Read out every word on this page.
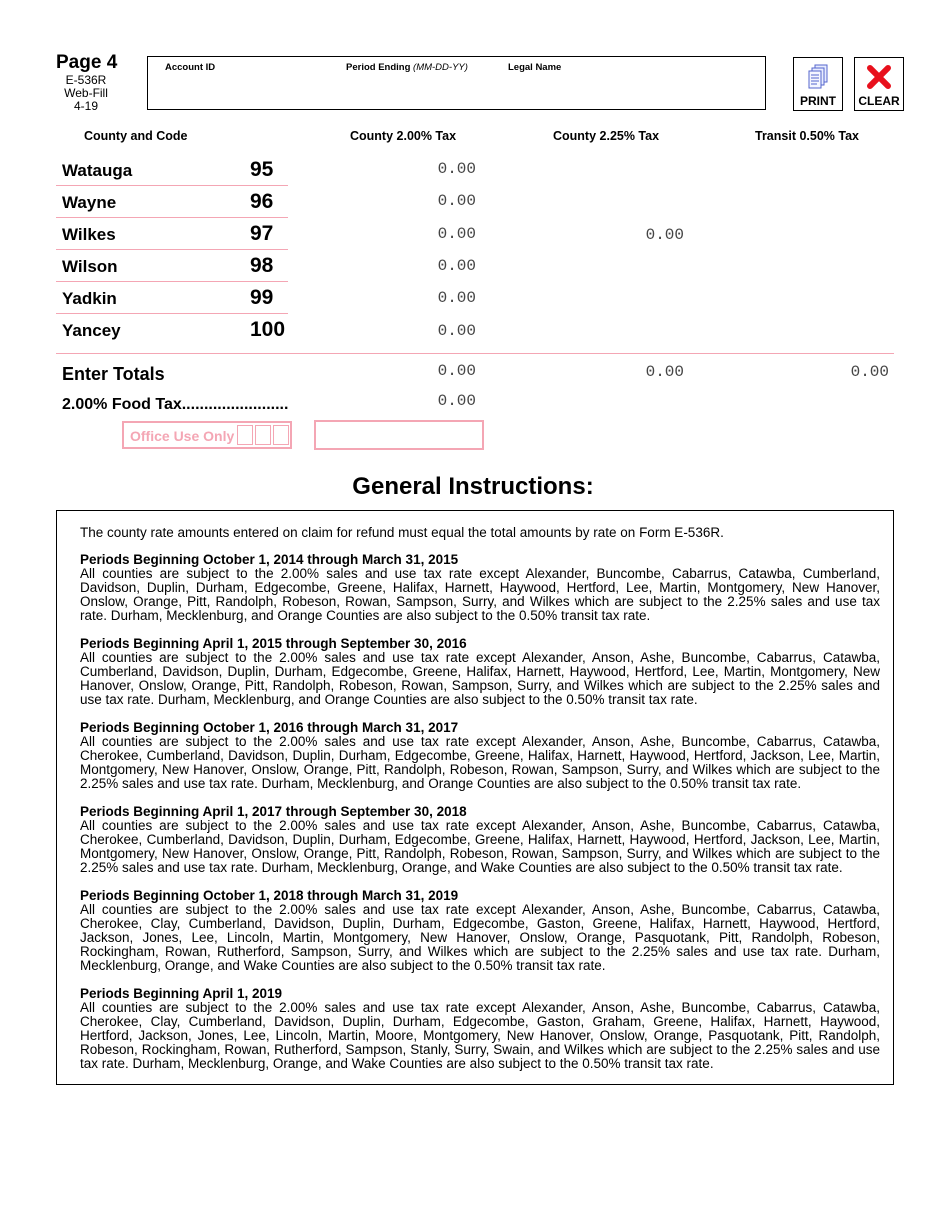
Page 4
E-536R
Web-Fill
4-19
Account ID	Period Ending (MM-DD-YY)	Legal Name
PRINT	CLEAR
County and Code	County 2.00% Tax	County 2.25% Tax	Transit 0.50% Tax
Watauga	95	0.00
Wayne	96	0.00
Wilkes	97	0.00	0.00
Wilson	98	0.00
Yadkin	99	0.00
Yancey	100	0.00
Enter Totals	0.00	0.00	0.00
2.00% Food Tax........................	0.00
Office Use Only
General Instructions:
The county rate amounts entered on claim for refund must equal the total amounts by rate on Form E-536R.
Periods Beginning October 1, 2014 through March 31, 2015

All counties are subject to the 2.00% sales and use tax rate except Alexander, Buncombe, Cabarrus, Catawba, Cumberland, Davidson, Duplin, Durham, Edgecombe, Greene, Halifax, Harnett, Haywood, Hertford, Lee, Martin, Montgomery, New Hanover, Onslow, Orange, Pitt, Randolph, Robeson, Rowan, Sampson, Surry, and Wilkes which are subject to the 2.25% sales and use tax rate. Durham, Mecklenburg, and Orange Counties are also subject to the 0.50% transit tax rate.

Periods Beginning April 1, 2015 through September 30, 2016

All counties are subject to the 2.00% sales and use tax rate except Alexander, Anson, Ashe, Buncombe, Cabarrus, Catawba, Cumberland, Davidson, Duplin, Durham, Edgecombe, Greene, Halifax, Harnett, Haywood, Hertford, Lee, Martin, Montgomery, New Hanover, Onslow, Orange, Pitt, Randolph, Robeson, Rowan, Sampson, Surry, and Wilkes which are subject to the 2.25% sales and use tax rate. Durham, Mecklenburg, and Orange Counties are also subject to the 0.50% transit tax rate.

Periods Beginning October 1, 2016 through March 31, 2017

All counties are subject to the 2.00% sales and use tax rate except Alexander, Anson, Ashe, Buncombe, Cabarrus, Catawba, Cherokee, Cumberland, Davidson, Duplin, Durham, Edgecombe, Greene, Halifax, Harnett, Haywood, Hertford, Jackson, Lee, Martin, Montgomery, New Hanover, Onslow, Orange, Pitt, Randolph, Robeson, Rowan, Sampson, Surry, and Wilkes which are subject to the 2.25% sales and use tax rate. Durham, Mecklenburg, and Orange Counties are also subject to the 0.50% transit tax rate.

Periods Beginning April 1, 2017 through September 30, 2018

All counties are subject to the 2.00% sales and use tax rate except Alexander, Anson, Ashe, Buncombe, Cabarrus, Catawba, Cherokee, Cumberland, Davidson, Duplin, Durham, Edgecombe, Greene, Halifax, Harnett, Haywood, Hertford, Jackson, Lee, Martin, Montgomery, New Hanover, Onslow, Orange, Pitt, Randolph, Robeson, Rowan, Sampson, Surry, and Wilkes which are subject to the 2.25% sales and use tax rate. Durham, Mecklenburg, Orange, and Wake Counties are also subject to the 0.50% transit tax rate.

Periods Beginning October 1, 2018 through March 31, 2019

All counties are subject to the 2.00% sales and use tax rate except Alexander, Anson, Ashe, Buncombe, Cabarrus, Catawba, Cherokee, Clay, Cumberland, Davidson, Duplin, Durham, Edgecombe, Gaston, Greene, Halifax, Harnett, Haywood, Hertford, Jackson, Jones, Lee, Lincoln, Martin, Montgomery, New Hanover, Onslow, Orange, Pasquotank, Pitt, Randolph, Robeson, Rockingham, Rowan, Rutherford, Sampson, Surry, and Wilkes which are subject to the 2.25% sales and use tax rate. Durham, Mecklenburg, Orange, and Wake Counties are also subject to the 0.50% transit tax rate.

Periods Beginning April 1, 2019

All counties are subject to the 2.00% sales and use tax rate except Alexander, Anson, Ashe, Buncombe, Cabarrus, Catawba, Cherokee, Clay, Cumberland, Davidson, Duplin, Durham, Edgecombe, Gaston, Graham, Greene, Halifax, Harnett, Haywood, Hertford, Jackson, Jones, Lee, Lincoln, Martin, Moore, Montgomery, New Hanover, Onslow, Orange, Pasquotank, Pitt, Randolph, Robeson, Rockingham, Rowan, Rutherford, Sampson, Stanly, Surry, Swain, and Wilkes which are subject to the 2.25% sales and use tax rate. Durham, Mecklenburg, Orange, and Wake Counties are also subject to the 0.50% transit tax rate.
